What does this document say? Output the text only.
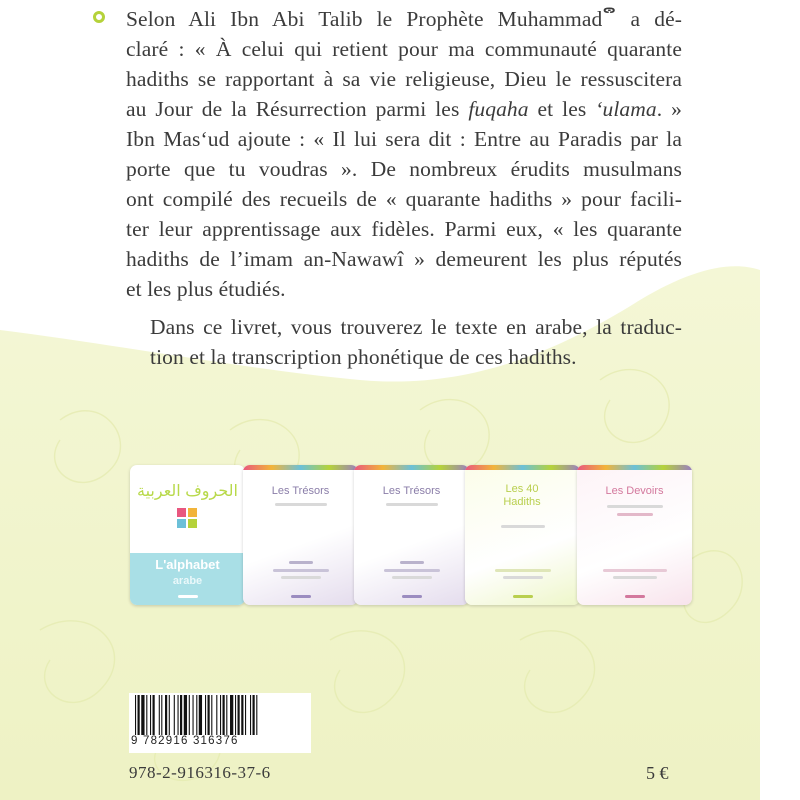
Selon Ali Ibn Abi Talib le Prophète Muhammad ຶ a dé-
claré : « À celui qui retient pour ma communauté quarante
hadiths se rapportant à sa vie religieuse, Dieu le ressuscitera
au Jour de la Résurrection parmi les fuqaha et les ‘ulama. »
Ibn Mas‘ud ajoute : « Il lui sera dit : Entre au Paradis par la
porte que tu voudras ». De nombreux érudits musulmans
ont compilé des recueils de « quarante hadiths » pour facili-
ter leur apprentissage aux fidèles. Parmi eux, « les quarante
hadiths de l’imam an-Nawawî » demeurent les plus réputés
et les plus étudiés.
Dans ce livret, vous trouverez le texte en arabe, la traduc-
tion et la transcription phonétique de ces hadiths.
الحروف العربية
L'alphabet
arabe
Les Trésors	Les Trésors	Les 40 Hadiths
Les Devoirs
9 782916 316376
978-2-916316-37-6	5 €
